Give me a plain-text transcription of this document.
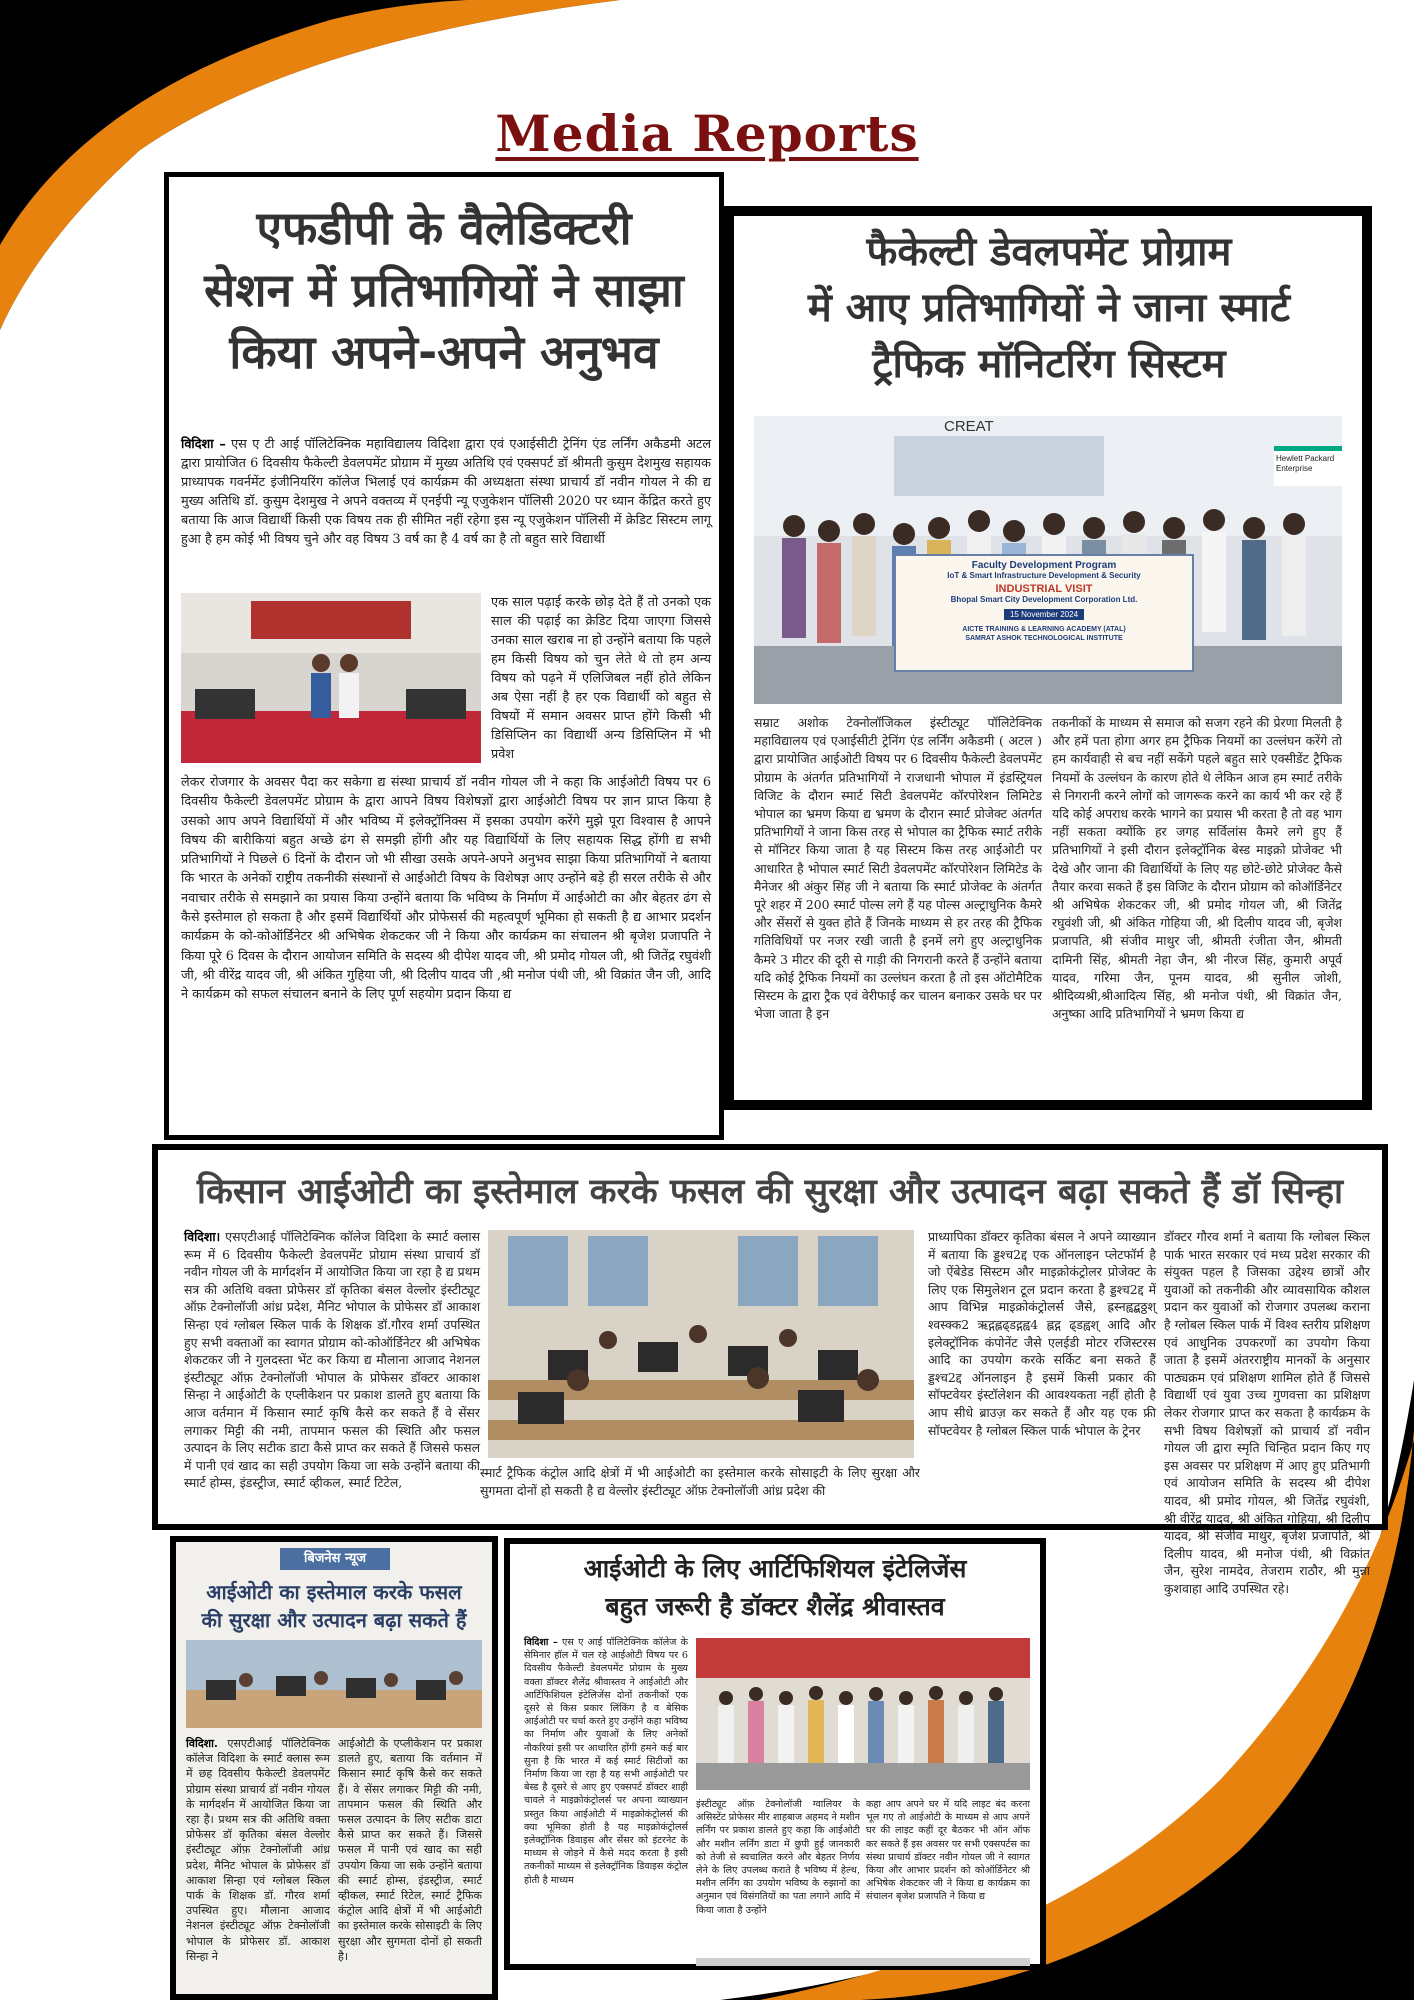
Media Reports
एफडीपी के वैलेडिक्टरी
सेशन में प्रतिभागियों ने साझा
किया अपने-अपने अनुभव
विदिशा – एस ए टी आई पॉलिटेक्निक महाविद्यालय विदिशा द्वारा एवं एआईसीटी ट्रेनिंग एंड लर्निंग अकैडमी अटल द्वारा प्रायोजित 6 दिवसीय फैकेल्टी डेवलपमेंट प्रोग्राम में मुख्य अतिथि एवं एक्सपर्ट डॉ श्रीमती कुसुम देशमुख सहायक प्राध्यापक गवर्नमेंट इंजीनियरिंग कॉलेज भिलाई एवं कार्यक्रम की अध्यक्षता संस्था प्राचार्य डॉ नवीन गोयल ने की द्य मुख्य अतिथि डॉ. कुसुम देशमुख ने अपने वक्तव्य में एनईपी न्यू एजुकेशन पॉलिसी 2020 पर ध्यान केंद्रित करते हुए बताया कि आज विद्यार्थी किसी एक विषय तक ही सीमित नहीं रहेगा इस न्यू एजुकेशन पॉलिसी में क्रेडिट सिस्टम लागू हुआ है हम कोई भी विषय चुने और वह विषय 3 वर्ष का है 4 वर्ष का है तो बहुत सारे विद्यार्थी
एक साल पढ़ाई करके छोड़ देते हैं तो उनको एक साल की पढ़ाई का क्रेडिट दिया जाएगा जिससे उनका साल खराब ना हो उन्होंने बताया कि पहले हम किसी विषय को चुन लेते थे तो हम अन्य विषय को पढ़ने में एलिजिबल नहीं होते लेकिन अब ऐसा नहीं है हर एक विद्यार्थी को बहुत से विषयों में समान अवसर प्राप्त होंगे किसी भी डिसिप्लिन का विद्यार्थी अन्य डिसिप्लिन में भी प्रवेश
लेकर रोजगार के अवसर पैदा कर सकेगा द्य संस्था प्राचार्य डॉ नवीन गोयल जी ने कहा कि आईओटी विषय पर 6 दिवसीय फैकेल्टी डेवलपमेंट प्रोग्राम के द्वारा आपने विषय विशेषज्ञों द्वारा आईओटी विषय पर ज्ञान प्राप्त किया है उसको आप अपने विद्यार्थियों में और भविष्य में इलेक्ट्रॉनिक्स में इसका उपयोग करेंगे मुझे पूरा विश्वास है आपने विषय की बारीकियां बहुत अच्छे ढंग से समझी होंगी और यह विद्यार्थियों के लिए सहायक सिद्ध होंगी द्य सभी प्रतिभागियों ने पिछले 6 दिनों के दौरान जो भी सीखा उसके अपने-अपने अनुभव साझा किया प्रतिभागियों ने बताया कि भारत के अनेकों राष्ट्रीय तकनीकी संस्थानों से आईओटी विषय के विशेषज्ञ आए उन्होंने बड़े ही सरल तरीके से और नवाचार तरीके से समझाने का प्रयास किया उन्होंने बताया कि भविष्य के निर्माण में आईओटी का और बेहतर ढंग से कैसे इस्तेमाल हो सकता है और इसमें विद्यार्थियों और प्रोफेसर्स की महत्वपूर्ण भूमिका हो सकती है द्य आभार प्रदर्शन कार्यक्रम के को-कोऑर्डिनेटर श्री अभिषेक शेकटकर जी ने किया और कार्यक्रम का संचालन श्री बृजेश प्रजापति ने किया पूरे 6 दिवस के दौरान आयोजन समिति के सदस्य श्री दीपेश यादव जी, श्री प्रमोद गोयल जी, श्री जितेंद्र रघुवंशी जी, श्री वीरेंद्र यादव जी, श्री अंकित गुहिया जी, श्री दिलीप यादव जी ,श्री मनोज पंथी जी, श्री विक्रांत जैन जी, आदि ने कार्यक्रम को सफल संचालन बनाने के लिए पूर्ण सहयोग प्रदान किया द्य
फैकेल्टी डेवलपमेंट प्रोग्राम
में आए प्रतिभागियों ने जाना स्मार्ट
ट्रैफिक मॉनिटरिंग सिस्टम
CREAT
Hewlett Packard Enterprise
Faculty Development Program
IoT & Smart Infrastructure Development & Security
INDUSTRIAL VISIT
Bhopal Smart City Development Corporation Ltd.
15 November 2024
AICTE TRAINING & LEARNING ACADEMY (ATAL)
SAMRAT ASHOK TECHNOLOGICAL INSTITUTE
सम्राट अशोक टेक्नोलॉजिकल इंस्टीट्यूट पॉलिटेक्निक महाविद्यालय एवं एआईसीटी ट्रेनिंग एंड लर्निंग अकैडमी ( अटल ) द्वारा प्रायोजित आईओटी विषय पर 6 दिवसीय फैकेल्टी डेवलपमेंट प्रोग्राम के अंतर्गत प्रतिभागियों ने राजधानी भोपाल में इंडस्ट्रियल विजिट के दौरान स्मार्ट सिटी डेवलपमेंट कॉरपोरेशन लिमिटेड भोपाल का भ्रमण किया द्य भ्रमण के दौरान स्मार्ट प्रोजेक्ट अंतर्गत प्रतिभागियों ने जाना किस तरह से भोपाल का ट्रैफिक स्मार्ट तरीके से मॉनिटर किया जाता है यह सिस्टम किस तरह आईओटी पर आधारित है भोपाल स्मार्ट सिटी डेवलपमेंट कॉरपोरेशन लिमिटेड के मैनेजर श्री अंकुर सिंह जी ने बताया कि स्मार्ट प्रोजेक्ट के अंतर्गत पूरे शहर में 200 स्मार्ट पोल्स लगे हैं यह पोल्स अल्ट्राधुनिक कैमरे और सेंसरों से युक्त होते हैं जिनके माध्यम से हर तरह की ट्रैफिक गतिविधियों पर नजर रखी जाती है इनमें लगे हुए अल्ट्राधुनिक कैमरे 3 मीटर की दूरी से गाड़ी की निगरानी करते हैं उन्होंने बताया यदि कोई ट्रैफिक नियमों का उल्लंघन करता है तो इस ऑटोमैटिक सिस्टम के द्वारा ट्रैक एवं वेरीफाई कर चालन बनाकर उसके घर पर भेजा जाता है इन
तकनीकों के माध्यम से समाज को सजग रहने की प्रेरणा मिलती है और हमें पता होगा अगर हम ट्रैफिक नियमों का उल्लंघन करेंगे तो हम कार्यवाही से बच नहीं सकेंगे पहले बहुत सारे एक्सीडेंट ट्रैफिक नियमों के उल्लंघन के कारण होते थे लेकिन आज हम स्मार्ट तरीके से निगरानी करने लोगों को जागरूक करने का कार्य भी कर रहे हैं यदि कोई अपराध करके भागने का प्रयास भी करता है तो वह भाग नहीं सकता क्योंकि हर जगह सर्विलांस कैमरे लगे हुए हैं प्रतिभागियों ने इसी दौरान इलेक्ट्रॉनिक बेस्ड माइक्रो प्रोजेक्ट भी देखे और जाना की विद्यार्थियों के लिए यह छोटे-छोटे प्रोजेक्ट कैसे तैयार करवा सकते हैं इस विजिट के दौरान प्रोग्राम को कोऑर्डिनेटर श्री अभिषेक शेकटकर जी, श्री प्रमोद गोयल जी, श्री जितेंद्र रघुवंशी जी, श्री अंकित गोहिया जी, श्री दिलीप यादव जी, बृजेश प्रजापति, श्री संजीव माथुर जी, श्रीमती रंजीता जैन, श्रीमती दामिनी सिंह, श्रीमती नेहा जैन, श्री नीरज सिंह, कुमारी अपूर्व यादव, गरिमा जैन, पूनम यादव, श्री सुनील जोशी, श्रीदिव्यश्री,श्रीआदित्य सिंह, श्री मनोज पंथी, श्री विक्रांत जैन, अनुष्का आदि प्रतिभागियों ने भ्रमण किया द्य
किसान आईओटी का इस्तेमाल करके फसल की सुरक्षा और उत्पादन बढ़ा सकते हैं डॉ सिन्हा
विदिशा। एसएटीआई पॉलिटेक्निक कॉलेज विदिशा के स्मार्ट क्लास रूम में 6 दिवसीय फैकेल्टी डेवलपमेंट प्रोग्राम संस्था प्राचार्य डॉ नवीन गोयल जी के मार्गदर्शन में आयोजित किया जा रहा है द्य प्रथम सत्र की अतिथि वक्ता प्रोफेसर डॉ कृतिका बंसल वेल्लोर इंस्टीट्यूट ऑफ़ टेक्नोलॉजी आंध्र प्रदेश, मैनिट भोपाल के प्रोफेसर डॉ आकाश सिन्हा एवं ग्लोबल स्किल पार्क के शिक्षक डॉ.गौरव शर्मा उपस्थित हुए सभी वक्ताओं का स्वागत प्रोग्राम को-कोऑर्डिनेटर श्री अभिषेक शेकटकर जी ने गुलदस्ता भेंट कर किया द्य मौलाना आजाद नेशनल इंस्टीट्यूट ऑफ़ टेक्नोलॉजी भोपाल के प्रोफेसर डॉक्टर आकाश सिन्हा ने आईओटी के एप्लीकेशन पर प्रकाश डालते हुए बताया कि आज वर्तमान में किसान स्मार्ट कृषि कैसे कर सकते हैं वे सेंसर लगाकर मिट्टी की नमी, तापमान फसल की स्थिति और फसल उत्पादन के लिए सटीक डाटा कैसे प्राप्त कर सकते हैं जिससे फसल में पानी एवं खाद का सही उपयोग किया जा सके उन्होंने बताया की स्मार्ट होम्स, इंडस्ट्रीज, स्मार्ट व्हीकल, स्मार्ट टिटेल,
स्मार्ट ट्रैफिक कंट्रोल आदि क्षेत्रों में भी आईओटी का इस्तेमाल करके सोसाइटी के लिए सुरक्षा और सुगमता दोनों हो सकती है द्य वेल्लोर इंस्टीट्यूट ऑफ़ टेक्नोलॉजी आंध्र प्रदेश की
प्राध्यापिका डॉक्टर कृतिका बंसल ने अपने व्याख्यान में बताया कि ड्डश्च2द्द एक ऑनलाइन प्लेटफॉर्म है जो ऐंबेडेड सिस्टम और माइक्रोकंट्रोलर प्रोजेक्ट के लिए एक सिमुलेशन टूल प्रदान करता है ड्डश्च2द्द में आप विभिन्न माइक्रोकंट्रोलर्स जैसे, ह्रस्नह्वद्बठ्ठश् श्वस्क्क2 ऋद्गह्लढ्डद्गह्व4 ह्लद्ग ढ्डह्वश् आदि और इलेक्ट्रॉनिक कंपोनेंट जैसे एलईडी मोटर रजिस्टरस आदि का उपयोग करके सर्किट बना सकते हैं ड्डश्च2द्द ऑनलाइन है इसमें किसी प्रकार की सॉफ्टवेयर इंस्टॉलेशन की आवश्यकता नहीं होती है आप सीधे ब्राउज़ कर सकते हैं और यह एक फ्री सॉफ्टवेयर है ग्लोबल स्किल पार्क भोपाल के ट्रेनर
डॉक्टर गौरव शर्मा ने बताया कि ग्लोबल स्किल पार्क भारत सरकार एवं मध्य प्रदेश सरकार की संयुक्त पहल है जिसका उद्देश्य छात्रों और युवाओं को तकनीकी और व्यावसायिक कौशल प्रदान कर युवाओं को रोजगार उपलब्ध कराना है ग्लोबल स्किल पार्क में विश्व स्तरीय प्रशिक्षण एवं आधुनिक उपकरणों का उपयोग किया जाता है इसमें अंतरराष्ट्रीय मानकों के अनुसार पाठ्यक्रम एवं प्रशिक्षण शामिल होते हैं जिससे विद्यार्थी एवं युवा उच्च गुणवत्ता का प्रशिक्षण लेकर रोजगार प्राप्त कर सकता है कार्यक्रम के सभी विषय विशेषज्ञों को प्राचार्य डॉ नवीन गोयल जी द्वारा स्मृति चिन्हित प्रदान किए गए इस अवसर पर प्रशिक्षण में आए हुए प्रतिभागी एवं आयोजन समिति के सदस्य श्री दीपेश यादव, श्री प्रमोद गोयल, श्री जितेंद्र रघुवंशी, श्री वीरेंद्र यादव, श्री अंकित गोहिया, श्री दिलीप यादव, श्री संजीव माथुर, बृजेश प्रजापति, श्री दिलीप यादव, श्री मनोज पंथी, श्री विक्रांत जैन, सुरेश नामदेव, तेजराम राठौर, श्री मुन्ना कुशवाहा आदि उपस्थित रहे।
बिजनेस न्यूज
आईओटी का इस्तेमाल करके फसल
की सुरक्षा और उत्पादन बढ़ा सकते हैं
विदिशा. एसएटीआई पॉलिटेक्निक कॉलेज विदिशा के स्मार्ट क्लास रूम में छह दिवसीय फैकेल्टी डेवलपमेंट प्रोग्राम संस्था प्राचार्य डॉ नवीन गोयल के मार्गदर्शन में आयोजित किया जा रहा है। प्रथम सत्र की अतिथि वक्ता प्रोफेसर डॉ कृतिका बंसल वेल्लोर इंस्टीट्यूट ऑफ़ टेक्नोलॉजी आंध्र प्रदेश, मैनिट भोपाल के प्रोफेसर डॉ आकाश सिन्हा एवं ग्लोबल स्किल पार्क के शिक्षक डॉ. गौरव शर्मा उपस्थित हुए। मौलाना आजाद नेशनल इंस्टीट्यूट ऑफ़ टेक्नोलॉजी भोपाल के प्रोफेसर डॉ. आकाश सिन्हा ने
आईओटी के एप्लीकेशन पर प्रकाश डालते हुए, बताया कि वर्तमान में किसान स्मार्ट कृषि कैसे कर सकते हैं। वे सेंसर लगाकर मिट्टी की नमी, तापमान फसल की स्थिति और फसल उत्पादन के लिए सटीक डाटा कैसे प्राप्त कर सकते हैं। जिससे फसल में पानी एवं खाद का सही उपयोग किया जा सके उन्होंने बताया की स्मार्ट होम्स, इंडस्ट्रीज, स्मार्ट व्हीकल, स्मार्ट रिटेल, स्मार्ट ट्रैफिक कंट्रोल आदि क्षेत्रों में भी आईओटी का इस्तेमाल करके सोसाइटी के लिए सुरक्षा और सुगमता दोनों हो सकती है।
आईओटी के लिए आर्टिफिशियल इंटेलिजेंस
बहुत जरूरी है डॉक्टर शैलेंद्र श्रीवास्तव
विदिशा – एस ए आई पॉलिटेक्निक कॉलेज के सेमिनार हॉल में चल रहे आईओटी विषय पर 6 दिवसीय फैकेल्टी डेवलपमेंट प्रोग्राम के मुख्य वक्ता डॉक्टर शैलेंद्र श्रीवास्तव ने आईओटी और आर्टिफिशियल इंटेलिजेंस दोनों तकनीकों एक दूसरे से किस प्रकार लिंकिंग है व बेसिक आईओटी पर चर्चा करते हुए उन्होंने कहा भविष्य का निर्माण और युवाओं के लिए अनेकों नौकरियां इसी पर आधारित होंगी हमने कई बार सुना है कि भारत में कई स्मार्ट सिटीजों का निर्माण किया जा रहा है यह सभी आईओटी पर बेस्ड है दूसरे से आए हुए एक्सपर्ट डॉक्टर शाही चावले ने माइक्रोकंट्रोलर्स पर अपना व्याख्यान प्रस्तुत किया आईओटी में माइक्रोकंट्रोलर्स की क्या भूमिका होती है यह माइक्रोकंट्रोलर्स इलेक्ट्रॉनिक डिवाइस और सेंसर को इंटरनेट के माध्यम से जोड़ने में कैसे मदद करता है इसी तकनीकों माध्यम से इलेक्ट्रॉनिक डिवाइस कंट्रोल होती है माध्यम
इंस्टीट्यूट ऑफ़ टेक्नोलॉजी ग्वालियर के असिस्टेंट प्रोफेसर मीर शाहबाज अहमद ने मशीन लर्निंग पर प्रकाश डालते हुए कहा कि आईओटी और मशीन लर्निंग डाटा में छुपी हुई जानकारी को तेजी से स्वचालित करने और बेहतर निर्णय लेने के लिए उपलब्ध कराते है भविष्य में हेल्थ, मशीन लर्निंग का उपयोग भविष्य के रुझानों का अनुमान एवं विसंगतियों का पता लगाने आदि में किया जाता है उन्होंने
कहा आप अपने घर में यदि लाइट बंद करना भूल गए तो आईओटी के माध्यम से आप अपने घर की लाइट कहीं दूर बैठकर भी ऑन ऑफ कर सकते हैं इस अवसर पर सभी एक्सपर्टस का संस्था प्राचार्य डॉक्टर नवीन गोयल जी ने स्वागत किया और आभार प्रदर्शन को कोऑर्डिनेटर श्री अभिषेक शेकटकर जी ने किया द्य कार्यक्रम का संचालन बृजेश प्रजापति ने किया द्य
